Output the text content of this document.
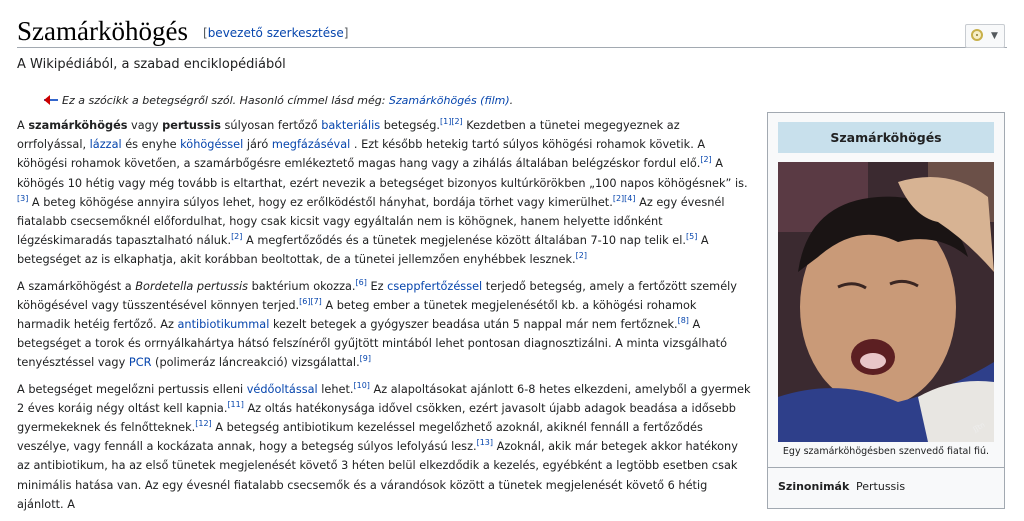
Szamárköhögés [bevezető szerkesztése]	▼
A Wikipédiából, a szabad enciklopédiából
Ez a szócikk a betegségről szól. Hasonló címmel lásd még: Szamárköhögés (film).

A szamárköhögés vagy pertussis súlyosan fertőző bakteriális betegség.[1][2] Kezdetben a tünetei megegyeznek az orrfolyással, lázzal és enyhe köhögéssel járó megfázáséval . Ezt később hetekig tartó súlyos köhögési rohamok követik. A köhögési rohamok követően, a szamárbőgésre emlékeztető magas hang vagy a zihálás általában belégzéskor fordul elő.[2] A köhögés 10 hétig vagy még tovább is eltarthat, ezért nevezik a betegséget bizonyos kultúrkörökben „100 napos köhögésnek” is.[3] A beteg köhögése annyira súlyos lehet, hogy ez erőlködéstől hányhat, bordája törhet vagy kimerülhet.[2][4] Az egy évesnél fiatalabb csecsemőknél előfordulhat, hogy csak kicsit vagy egyáltalán nem is köhögnek, hanem helyette időnként légzéskimaradás tapasztalható náluk.[2] A megfertőződés és a tünetek megjelenése között általában 7-10 nap telik el.[5] A betegséget az is elkaphatja, akit korábban beoltottak, de a tünetei jellemzően enyhébbek lesznek.[2]

A szamárköhögést a Bordetella pertussis baktérium okozza.[6] Ez cseppfertőzéssel terjedő betegség, amely a fertőzött személy köhögésével vagy tüsszentésével könnyen terjed.[6][7] A beteg ember a tünetek megjelenésétől kb. a köhögési rohamok harmadik hetéig fertőző. Az antibiotikummal kezelt betegek a gyógyszer beadása után 5 nappal már nem fertőznek.[8] A betegséget a torok és orrnyálkahártya hátsó felszínéről gyűjtött mintából lehet pontosan diagnosztizálni. A minta vizsgálható tenyésztéssel vagy PCR (polimeráz láncreakció) vizsgálattal.[9]

A betegséget megelőzni pertussis elleni védőoltással lehet.[10] Az alapoltásokat ajánlott 6-8 hetes elkezdeni, amelyből a gyermek 2 éves koráig négy oltást kell kapnia.[11] Az oltás hatékonysága idővel csökken, ezért javasolt újabb adagok beadása a idősebb gyermekeknek és felnőtteknek.[12] A betegség antibiotikum kezeléssel megelőzhető azoknál, akiknél fennáll a fertőződés veszélye, vagy fennáll a kockázata annak, hogy a betegség súlyos lefolyású lesz.[13] Azoknál, akik már betegek akkor hatékony az antibiotikum, ha az első tünetek megjelenését követő 3 héten belül elkezdődik a kezelés, egyébként a legtöbb esetben csak minimális hatása van. Az egy évesnél fiatalabb csecsemők és a várandósok között a tünetek megjelenését követő 6 hétig ajánlott. A

Szamárköhögés
ʃʃtn
Egy szamárköhögésben szenvedő fiatal fiú.
Szinonimák Pertussis
